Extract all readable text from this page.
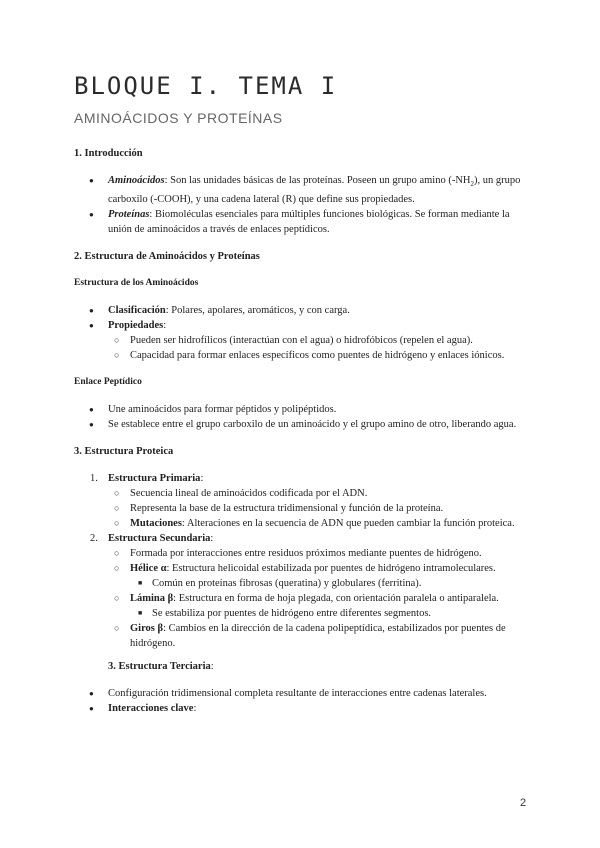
BLOQUE I. TEMA I
AMINOÁCIDOS Y PROTEÍNAS
1. Introducción
● Aminoácidos: Son las unidades básicas de las proteínas. Poseen un grupo amino $(-NH_2)$, un grupo carboxilo (-COOH), y una cadena lateral (R) que define sus propiedades.
● Proteínas: Biomoléculas esenciales para múltiples funciones biológicas. Se forman mediante la unión de aminoácidos a través de enlaces peptídicos.
2. Estructura de Aminoácidos y Proteínas
Estructura de los Aminoácidos
● Clasificación: Polares, apolares, aromáticos, y con carga.
● Propiedades:
○ Pueden ser hidrofílicos (interactúan con el agua) o hidrofóbicos (repelen el agua).
○ Capacidad para formar enlaces específicos como puentes de hidrógeno y enlaces iónicos.
Enlace Peptídico
● Une aminoácidos para formar péptidos y polipéptidos.
● Se establece entre el grupo carboxilo de un aminoácido y el grupo amino de otro, liberando agua.
3. Estructura Proteica
1. Estructura Primaria:
○ Secuencia lineal de aminoácidos codificada por el ADN.
○ Representa la base de la estructura tridimensional y función de la proteína.
○ Mutaciones: Alteraciones en la secuencia de ADN que pueden cambiar la función proteica.
2. Estructura Secundaria:
○ Formada por interacciones entre residuos próximos mediante puentes de hidrógeno.
○ Hélice α: Estructura helicoidal estabilizada por puentes de hidrógeno intramoleculares.
■ Común en proteínas fibrosas (queratina) y globulares (ferritina).
○ Lámina β: Estructura en forma de hoja plegada, con orientación paralela o antiparalela.
■ Se estabiliza por puentes de hidrógeno entre diferentes segmentos.
○ Giros β: Cambios en la dirección de la cadena polipeptídica, estabilizados por puentes de hidrógeno.
3. Estructura Terciaria:
● Configuración tridimensional completa resultante de interacciones entre cadenas laterales.
● Interacciones clave:
2
